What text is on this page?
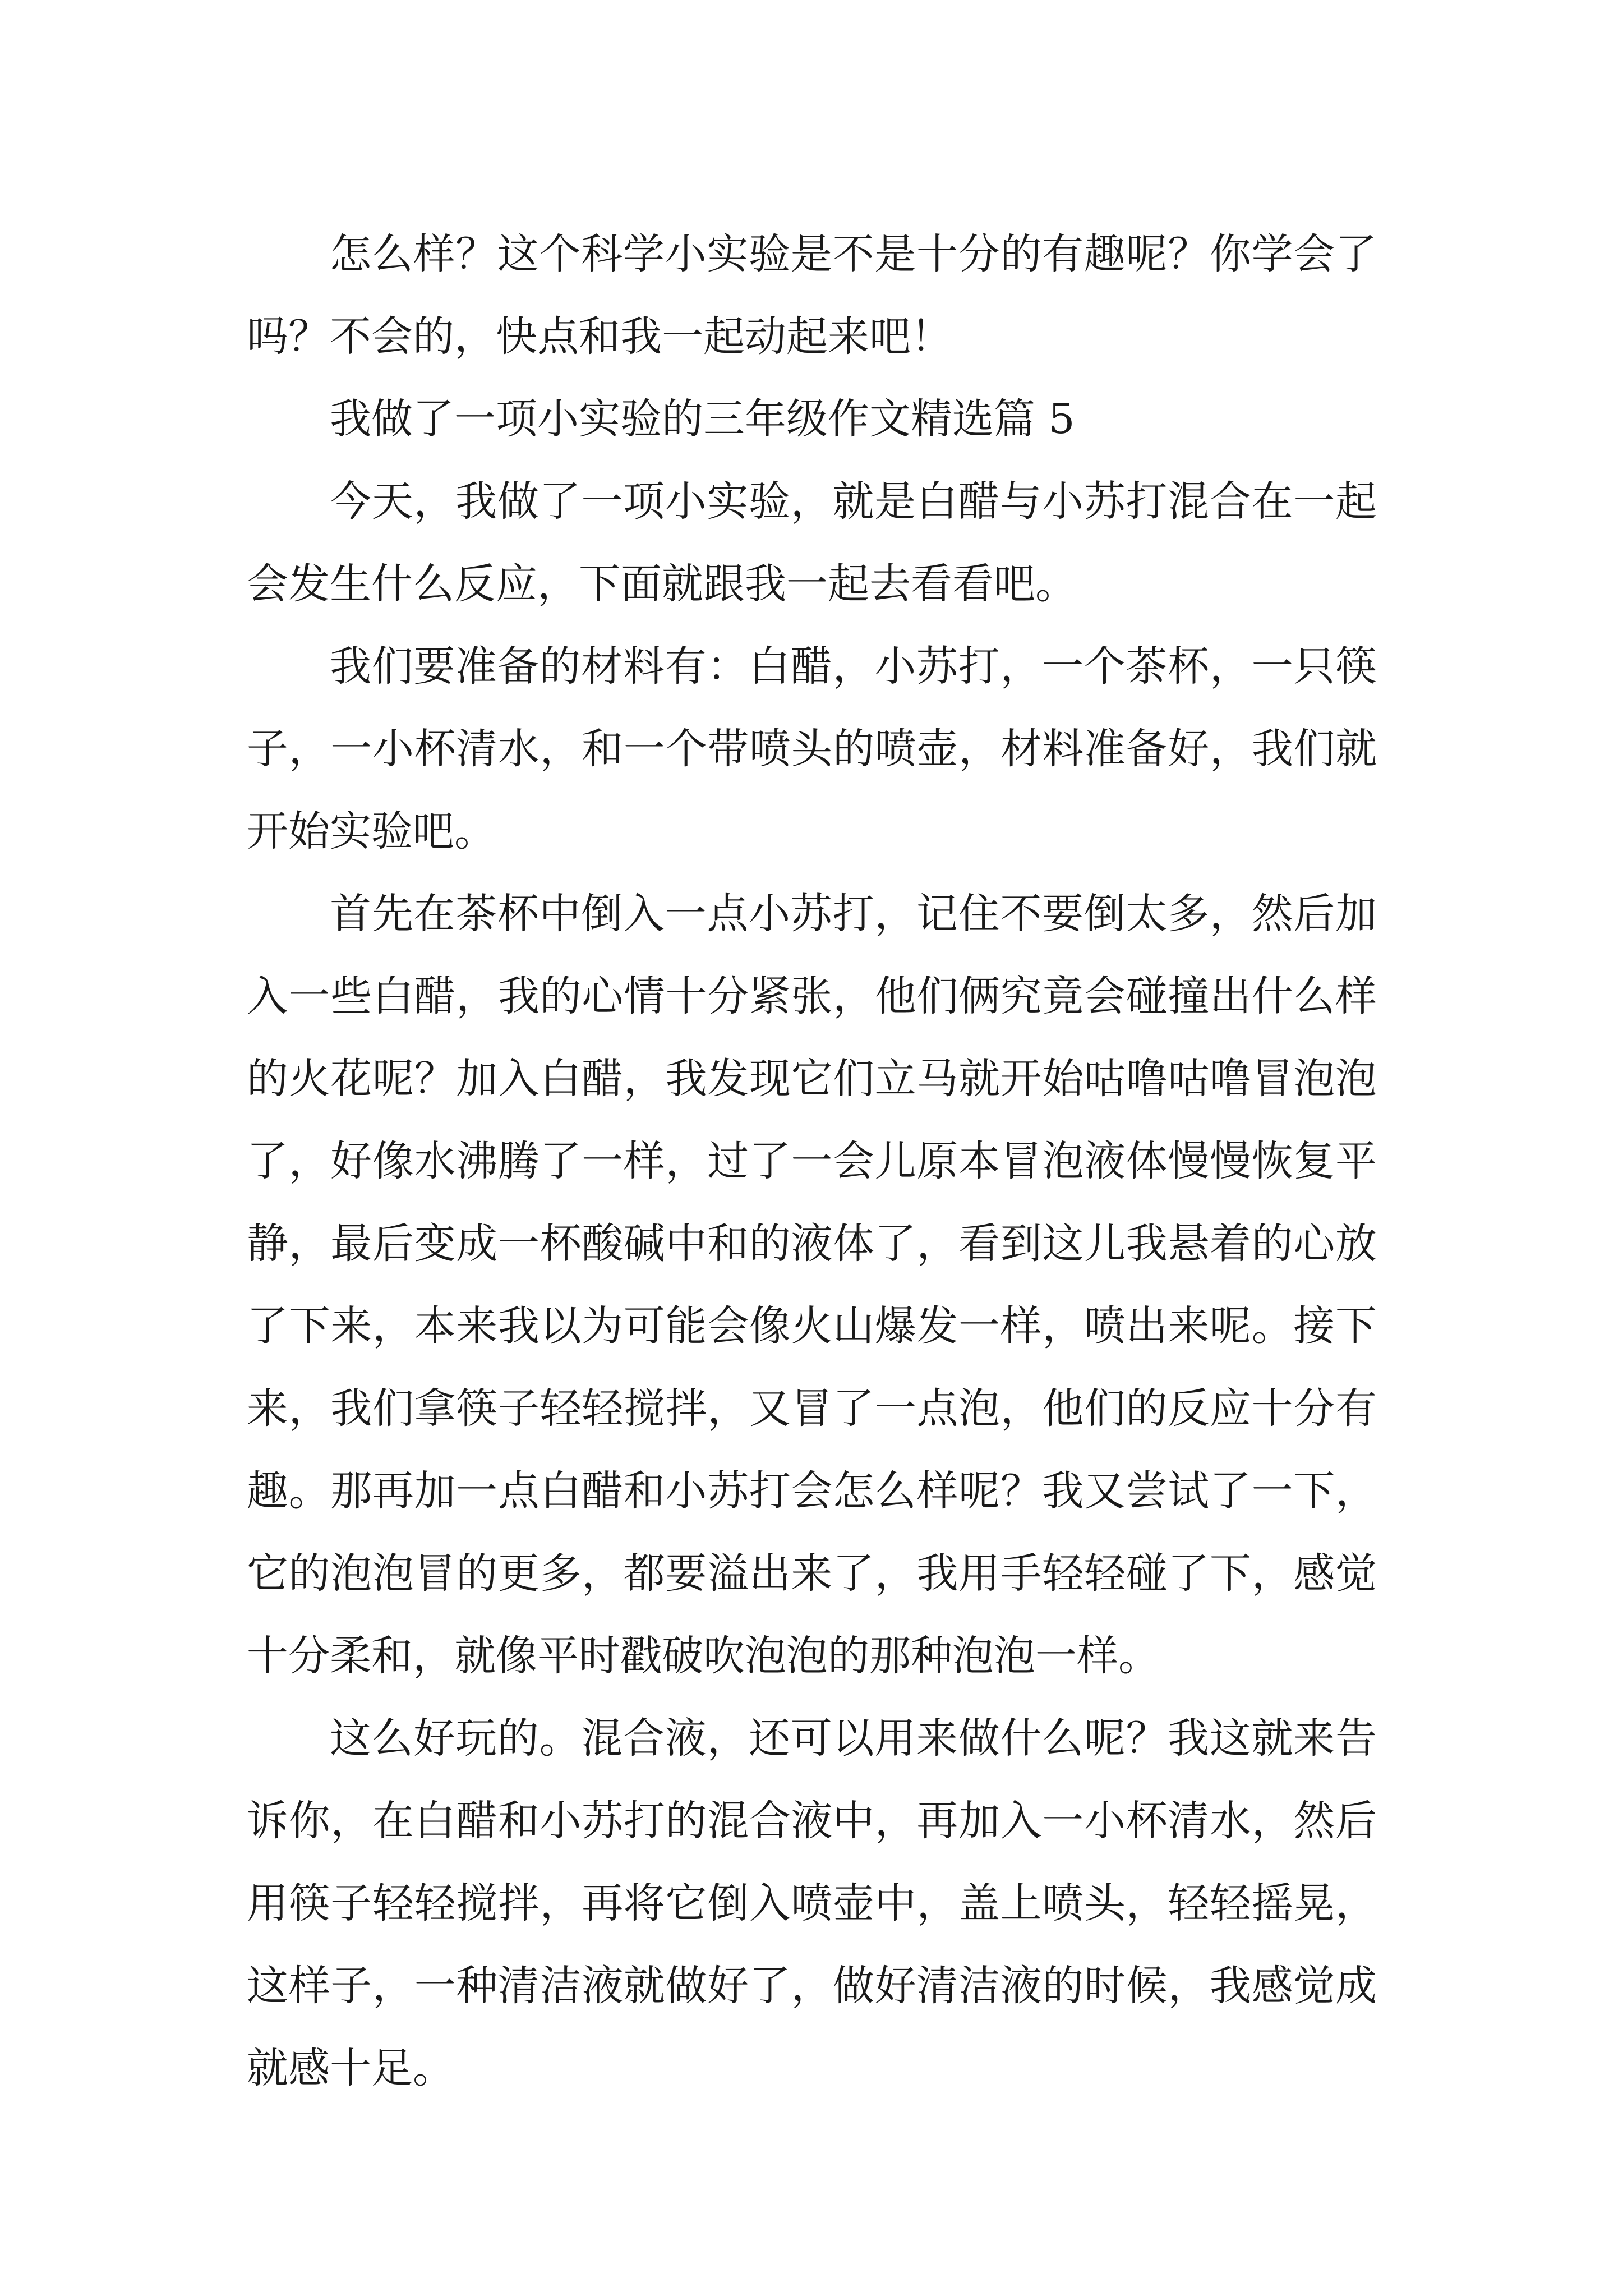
怎么样？这个科学小实验是不是十分的有趣呢？你学会了吗？不会的，快点和我一起动起来吧！

我做了一项小实验的三年级作文精选篇 5

今天，我做了一项小实验，就是白醋与小苏打混合在一起会发生什么反应，下面就跟我一起去看看吧。

我们要准备的材料有：白醋，小苏打，一个茶杯，一只筷子，一小杯清水，和一个带喷头的喷壶，材料准备好，我们就开始实验吧。

首先在茶杯中倒入一点小苏打，记住不要倒太多，然后加入一些白醋，我的心情十分紧张，他们俩究竟会碰撞出什么样的火花呢？加入白醋，我发现它们立马就开始咕噜咕噜冒泡泡了，好像水沸腾了一样，过了一会儿原本冒泡液体慢慢恢复平静，最后变成一杯酸碱中和的液体了，看到这儿我悬着的心放了下来，本来我以为可能会像火山爆发一样，喷出来呢。接下来，我们拿筷子轻轻搅拌，又冒了一点泡，他们的反应十分有趣。那再加一点白醋和小苏打会怎么样呢？我又尝试了一下，它的泡泡冒的更多，都要溢出来了，我用手轻轻碰了下，感觉十分柔和，就像平时戳破吹泡泡的那种泡泡一样。

这么好玩的。混合液，还可以用来做什么呢？我这就来告诉你，在白醋和小苏打的混合液中，再加入一小杯清水，然后用筷子轻轻搅拌，再将它倒入喷壶中，盖上喷头，轻轻摇晃，这样子，一种清洁液就做好了，做好清洁液的时候，我感觉成就感十足。
